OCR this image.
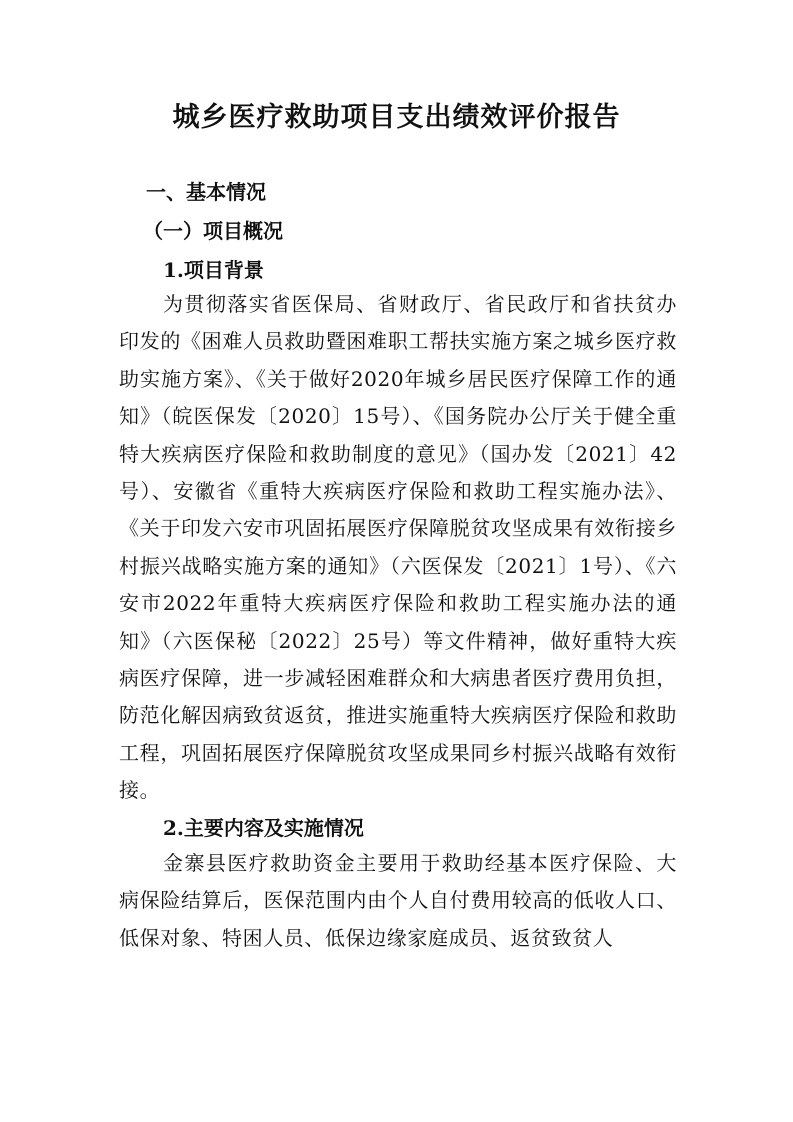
城乡医疗救助项目支出绩效评价报告
一、基本情况
（一）项目概况
1.项目背景

为贯彻落实省医保局、省财政厅、省民政厅和省扶贫办印发的《困难人员救助暨困难职工帮扶实施方案之城乡医疗救助实施方案》、《关于做好2020年城乡居民医疗保障工作的通知》（皖医保发〔2020〕15号）、《国务院办公厅关于健全重特大疾病医疗保险和救助制度的意见》（国办发〔2021〕42号）、安徽省《重特大疾病医疗保险和救助工程实施办法》、《关于印发六安市巩固拓展医疗保障脱贫攻坚成果有效衔接乡村振兴战略实施方案的通知》（六医保发〔2021〕1号）、《六安市2022年重特大疾病医疗保险和救助工程实施办法的通知》（六医保秘〔2022〕25号）等文件精神，做好重特大疾病医疗保障，进一步减轻困难群众和大病患者医疗费用负担，防范化解因病致贫返贫，推进实施重特大疾病医疗保险和救助工程，巩固拓展医疗保障脱贫攻坚成果同乡村振兴战略有效衔接。

2.主要内容及实施情况

金寨县医疗救助资金主要用于救助经基本医疗保险、大病保险结算后，医保范围内由个人自付费用较高的低收人口、低保对象、特困人员、低保边缘家庭成员、返贫致贫人
